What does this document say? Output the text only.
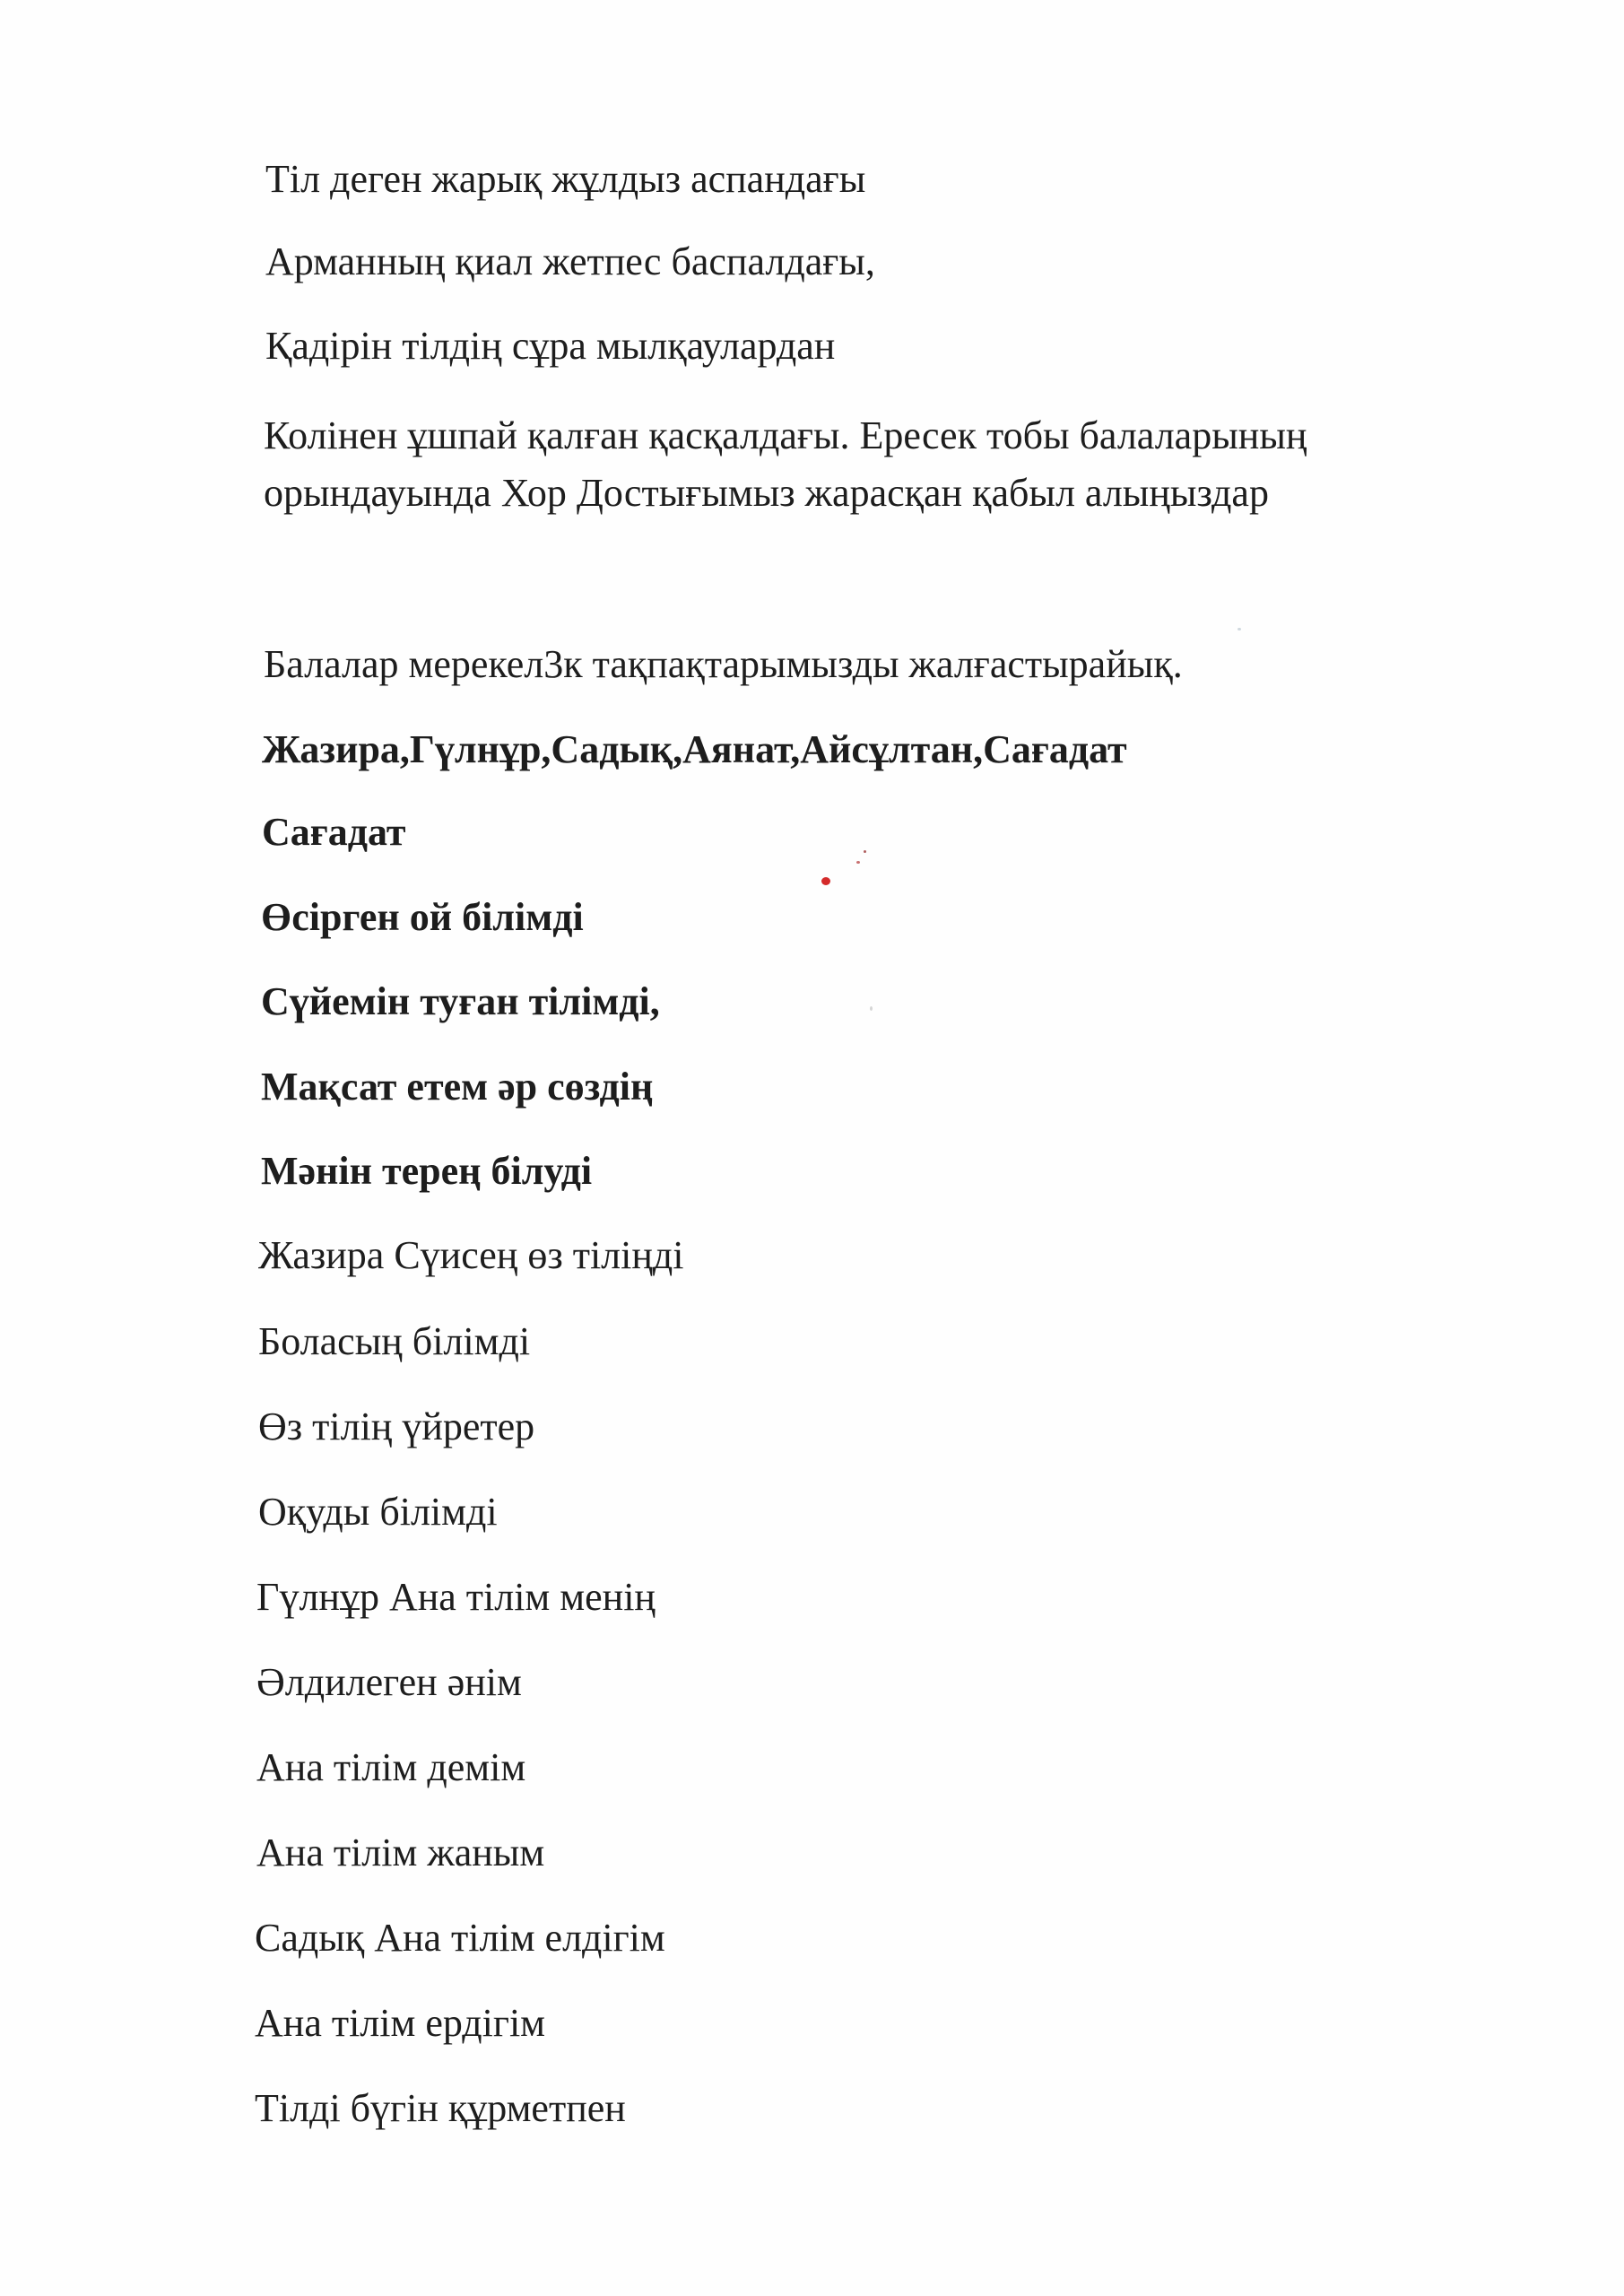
Тіл деген жарық жұлдыз аспандағы

Арманның қиал жетпес баспалдағы,

Қадірін тілдің сұра мылқаулардан

Колінен ұшпай қалған қасқалдағы. Ересек тобы балаларының орындауында Хор Достығымыз жарасқан қабыл алыңыздар

Балалар мерекел3к тақпақтарымызды жалғастырайық.

Жазира,Гүлнұр,Садық,Аянат,Айсұлтан,Сағадат

Сағадат

Өсірген ой білімді

Сүйемін туған тілімді,

Мақсат етем әр сөздің

Мәнін терең білуді

Жазира Сүисең өз тіліңді

Боласың білімді

Өз тілің үйретер

Оқуды білімді

Гүлнұр Ана тілім менің

Әлдилеген әнім

Ана тілім демім

Ана тілім жаным

Садық Ана тілім елдігім

Ана тілім ердігім

Тілді бүгін құрметпен
